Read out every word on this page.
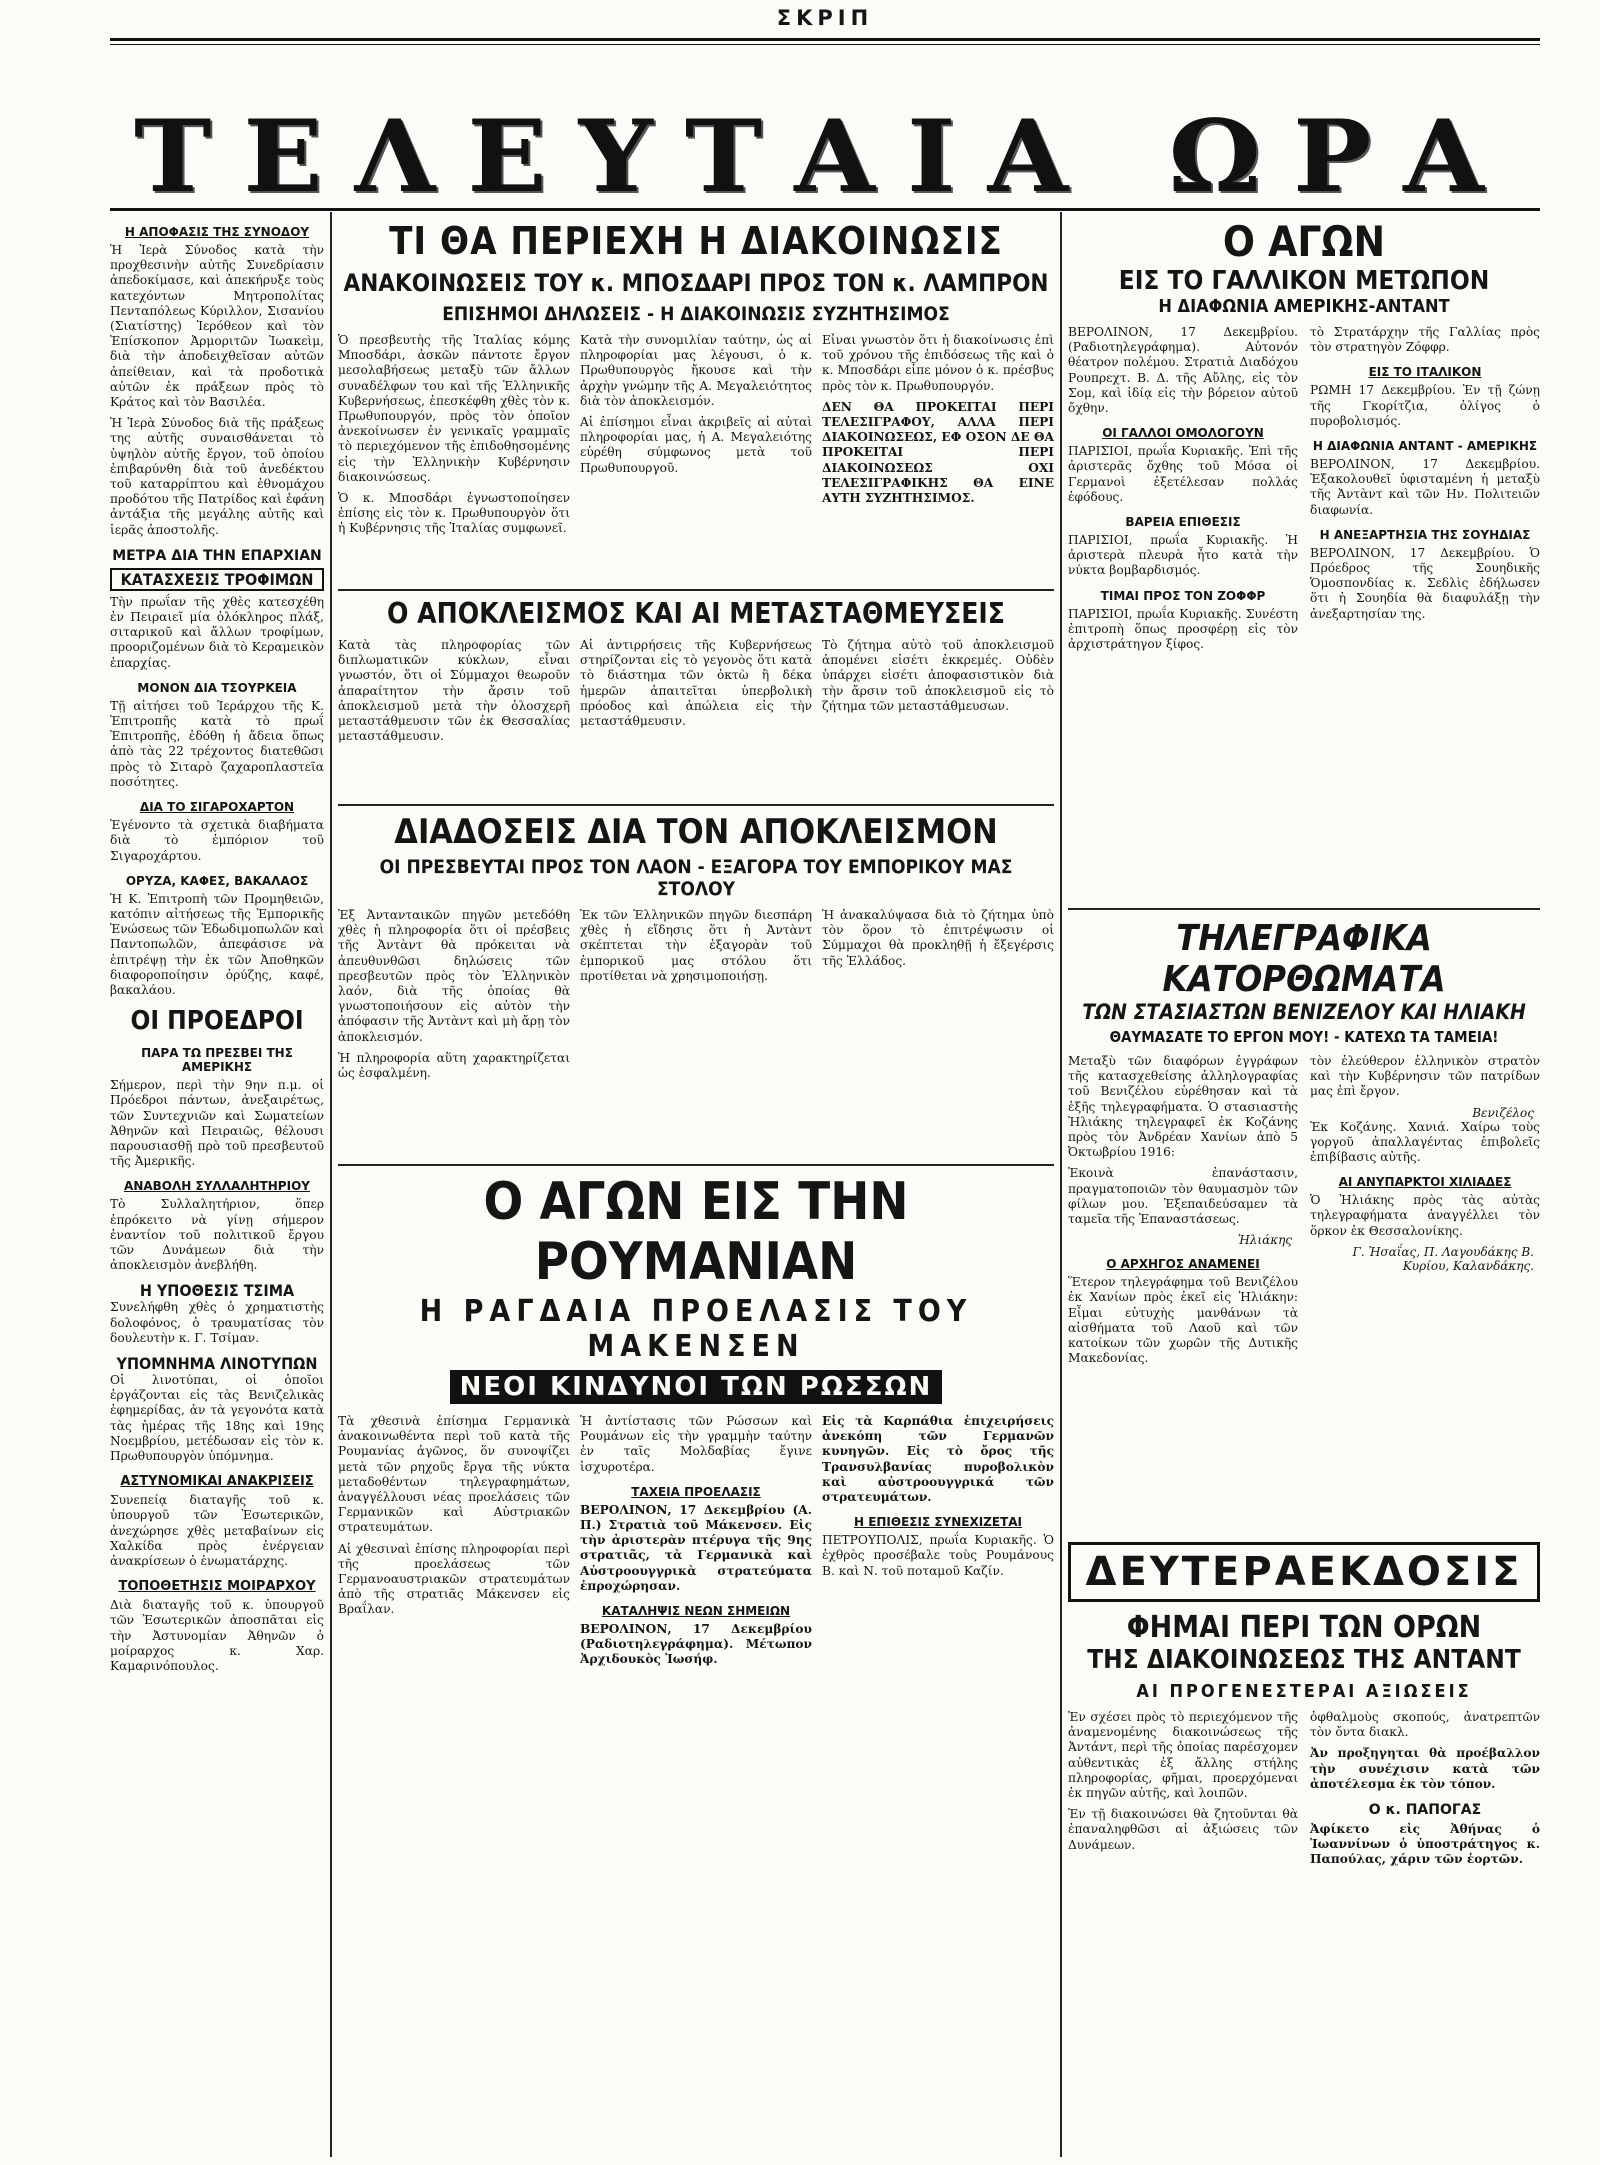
ΣΚΡΙΠ
ΤΕΛΕΥΤΑΙΑ ΩΡΑ

Η ΑΠΟΦΑΣΙΣ ΤΗΣ ΣΥΝΟΔΟΥ

Ἡ Ἱερὰ Σύνοδος κατὰ τὴν προχθεσινὴν αὐτῆς Συνεδρίασιν ἀπεδοκίμασε, καὶ ἀπεκήρυξε τοὺς κατεχόντων Μητροπολίτας Πενταπόλεως Κύριλλον, Σισανίου (Σιατίστης) Ἱερόθεον καὶ τὸν Ἐπίσκοπον Ἀρμοριτῶν Ἰωακεὶμ, διὰ τὴν ἀποδειχθεῖσαν αὐτῶν ἀπείθειαν, καὶ τὰ προδοτικὰ αὐτῶν ἐκ πράξεων πρὸς τὸ Κράτος καὶ τὸν Βασιλέα.

Ἡ Ἱερὰ Σύνοδος διὰ τῆς πράξεως της αὐτῆς συναισθάνεται τὸ ὑψηλὸν αὐτῆς ἔργον, τοῦ ὁποίου ἐπιβαρύνθη διὰ τοῦ ἀνεδέκτου τοῦ καταρρίπτου καὶ ἐθνομάχου προδότου τῆς Πατρίδος καὶ ἐφάνη ἀντάξια τῆς μεγάλης αὐτῆς καὶ ἱερᾶς ἀποστολῆς.

ΜΕΤΡΑ ΔΙΑ ΤΗΝ ΕΠΑΡΧΙΑΝ

ΚΑΤΑΣΧΕΣΙΣ ΤΡΟΦΙΜΩΝ

Τὴν πρωΐαν τῆς χθὲς κατεσχέθη ἐν Πειραιεῖ μία ὁλόκληρος πλάξ, σιταρικοῦ καὶ ἄλλων τροφίμων, προοριζομένων διὰ τὸ Κεραμεικὸν ἐπαρχίας.

ΜΟΝΟΝ ΔΙΑ ΤΣΟΥΡΚΕΙΑ

Τῇ αἰτήσει τοῦ Ἱεράρχου τῆς Κ. Ἐπιτροπῆς κατὰ τὸ πρωΐ Ἐπιτροπῆς, ἐδόθη ἡ ἄδεια ὅπως ἀπὸ τὰς 22 τρέχοντος διατεθῶσι πρὸς τὸ Σιταρὸ ζαχαροπλαστεῖα ποσότητες.

ΔΙΑ ΤΟ ΣΙΓΑΡΟΧΑΡΤΟΝ

Ἐγένοντο τὰ σχετικὰ διαβήματα διὰ τὸ ἐμπόριον τοῦ Σιγαροχάρτου.

ΟΡΥΖΑ, ΚΑΦΕΣ, ΒΑΚΑΛΑΟΣ

Ἡ Κ. Ἐπιτροπὴ τῶν Προμηθειῶν, κατόπιν αἰτήσεως τῆς Ἐμπορικῆς Ἑνώσεως τῶν Ἐδωδιμοπωλῶν καὶ Παντοπωλῶν, ἀπεφάσισε νὰ ἐπιτρέψῃ τὴν ἐκ τῶν Ἀποθηκῶν διαφοροποίησιν ὀρύζης, καφέ, βακαλάου.

ΟΙ ΠΡΟΕΔΡΟΙ

ΠΑΡΑ ΤΩ ΠΡΕΣΒΕΙ ΤΗΣ ΑΜΕΡΙΚΗΣ

Σήμερον, περὶ τὴν 9ην π.μ. οἱ Πρόεδροι πάντων, ἀνεξαιρέτως, τῶν Συντεχνιῶν καὶ Σωματείων Ἀθηνῶν καὶ Πειραιῶς, θέλουσι παρουσιασθῇ πρὸ τοῦ πρεσβευτοῦ τῆς Ἀμερικῆς.

ΑΝΑΒΟΛΗ ΣΥΛΛΑΛΗΤΗΡΙΟΥ

Τὸ Συλλαλητήριον, ὅπερ ἐπρόκειτο νὰ γίνῃ σήμερον ἐναντίον τοῦ πολιτικοῦ ἔργου τῶν Δυνάμεων διὰ τὴν ἀποκλεισμὸν ἀνεβλήθη.

Η ΥΠΟΘΕΣΙΣ ΤΣΙΜΑ

Συνελήφθη χθὲς ὁ χρηματιστὴς δολοφόνος, ὁ τραυματίσας τὸν δουλευτὴν κ. Γ. Τσίμαν.

ΥΠΟΜΝΗΜΑ ΛΙΝΟΤΥΠΩΝ

Οἱ λινοτύπαι, οἱ ὁποῖοι ἐργάζονται εἰς τὰς Βενιζελικὰς ἐφημερίδας, ἀν τὰ γεγονότα κατὰ τὰς ἡμέρας τῆς 18ης καὶ 19ης Νοεμβρίου, μετέδωσαν εἰς τὸν κ. Πρωθυπουργὸν ὑπόμνημα.

ΑΣΤΥΝΟΜΙΚΑΙ ΑΝΑΚΡΙΣΕΙΣ

Συνεπείᾳ διαταγῆς τοῦ κ. ὑπουργοῦ τῶν Ἐσωτερικῶν, ἀνεχώρησε χθὲς μεταβαίνων εἰς Χαλκίδα πρὸς ἐνέργειαν ἀνακρίσεων ὁ ἐνωματάρχης.

ΤΟΠΟΘΕΤΗΣΙΣ ΜΟΙΡΑΡΧΟΥ

Διὰ διαταγῆς τοῦ κ. ὑπουργοῦ τῶν Ἐσωτερικῶν ἀποσπᾶται εἰς τὴν Ἀστυνομίαν Ἀθηνῶν ὁ μοίραρχος κ. Χαρ. Καμαρινόπουλος.

ΤΙ ΘΑ ΠΕΡΙΕΧΗ Η ΔΙΑΚΟΙΝΩΣΙΣ

ΑΝΑΚΟΙΝΩΣΕΙΣ ΤΟΥ κ. ΜΠΟΣΔΑΡΙ ΠΡΟΣ ΤΟΝ κ. ΛΑΜΠΡΟΝ

ΕΠΙΣΗΜΟΙ ΔΗΛΩΣΕΙΣ - Η ΔΙΑΚΟΙΝΩΣΙΣ ΣΥΖΗΤΗΣΙΜΟΣ

Ὁ πρεσβευτὴς τῆς Ἰταλίας κόμης Μποσδάρι, ἀσκῶν πάντοτε ἔργον μεσολαβήσεως μεταξὺ τῶν ἄλλων συναδέλφων του καὶ τῆς Ἑλληνικῆς Κυβερνήσεως, ἐπεσκέφθη χθὲς τὸν κ. Πρωθυπουργόν, πρὸς τὸν ὁποῖον ἀνεκοίνωσεν ἐν γενικαῖς γραμμαῖς τὸ περιεχόμενον τῆς ἐπιδοθησομένης εἰς τὴν Ἑλληνικὴν Κυβέρνησιν διακοινώσεως.

Ὁ κ. Μποσδάρι ἐγνωστοποίησεν ἐπίσης εἰς τὸν κ. Πρωθυπουργὸν ὅτι ἡ Κυβέρνησις τῆς Ἰταλίας συμφωνεῖ.

Κατὰ τὴν συνομιλίαν ταύτην, ὡς αἱ πληροφορίαι μας λέγουσι, ὁ κ. Πρωθυπουργὸς ἤκουσε καὶ τὴν ἀρχὴν γνώμην τῆς Α. Μεγαλειότητος διὰ τὸν ἀποκλεισμόν.

Αἱ ἐπίσημοι εἶναι ἀκριβεῖς αἱ αὐταὶ πληροφορίαι μας, ἡ Α. Μεγαλειότης εὑρέθη σύμφωνος μετὰ τοῦ Πρωθυπουργοῦ.

Εἶναι γνωστὸν ὅτι ἡ διακοίνωσις ἐπὶ τοῦ χρόνου τῆς ἐπιδόσεως τῆς καὶ ὁ κ. Μποσδάρι εἶπε μόνον ὁ κ. πρέσβυς πρὸς τὸν κ. Πρωθυπουργόν.

ΔΕΝ ΘΑ ΠΡΟΚΕΙΤΑΙ ΠΕΡΙ ΤΕΛΕΣΙΓΡΑΦΟΥ, ΑΛΛΑ ΠΕΡΙ ΔΙΑΚΟΙΝΩΣΕΩΣ, ΕΦ ΟΣΟΝ ΔΕ ΘΑ ΠΡΟΚΕΙΤΑΙ ΠΕΡΙ ΔΙΑΚΟΙΝΩΣΕΩΣ ΟΧΙ ΤΕΛΕΣΙΓΡΑΦΙΚΗΣ ΘΑ ΕΙΝΕ ΑΥΤΗ ΣΥΖΗΤΗΣΙΜΟΣ.

Ο ΑΠΟΚΛΕΙΣΜΟΣ ΚΑΙ ΑΙ ΜΕΤΑΣΤΑΘΜΕΥΣΕΙΣ

Κατὰ τὰς πληροφορίας τῶν διπλωματικῶν κύκλων, εἶναι γνωστόν, ὅτι οἱ Σύμμαχοι θεωροῦν ἀπαραίτητον τὴν ἄρσιν τοῦ ἀποκλεισμοῦ μετὰ τὴν ὁλοσχερῆ μεταστάθμευσιν τῶν ἐκ Θεσσαλίας μεταστάθμευσιν.

Αἱ ἀντιρρήσεις τῆς Κυβερνήσεως στηρίζονται εἰς τὸ γεγονὸς ὅτι κατὰ τὸ διάστημα τῶν ὀκτὼ ἢ δέκα ἡμερῶν ἀπαιτεῖται ὑπερβολικὴ πρόοδος καὶ ἀπώλεια εἰς τὴν μεταστάθμευσιν.

Τὸ ζήτημα αὐτὸ τοῦ ἀποκλεισμοῦ ἀπομένει εἰσέτι ἐκκρεμές. Οὐδὲν ὑπάρχει εἰσέτι ἀποφασιστικὸν διὰ τὴν ἄρσιν τοῦ ἀποκλεισμοῦ εἰς τὸ ζήτημα τῶν μεταστάθμευσων.

ΔΙΑΔΟΣΕΙΣ ΔΙΑ ΤΟΝ ΑΠΟΚΛΕΙΣΜΟΝ

ΟΙ ΠΡΕΣΒΕΥΤΑΙ ΠΡΟΣ ΤΟΝ ΛΑΟΝ - ΕΞΑΓΟΡΑ ΤΟΥ ΕΜΠΟΡΙΚΟΥ ΜΑΣ ΣΤΟΛΟΥ

Ἐξ Ἀντανταικῶν πηγῶν μετεδόθη χθὲς ἡ πληροφορία ὅτι οἱ πρέσβεις τῆς Ἀντὰντ θὰ πρόκειται νὰ ἀπευθυνθῶσι δηλώσεις τῶν πρεσβευτῶν πρὸς τὸν Ἑλληνικὸν λαόν, διὰ τῆς ὁποίας θὰ γνωστοποιήσουν εἰς αὐτὸν τὴν ἀπόφασιν τῆς Ἀντὰντ καὶ μὴ ἄρῃ τὸν ἀποκλεισμόν.

Ἡ πληροφορία αὕτη χαρακτηρίζεται ὡς ἐσφαλμένη.

Ἐκ τῶν Ἑλληνικῶν πηγῶν διεσπάρη χθὲς ἡ εἴδησις ὅτι ἡ Ἀντὰντ σκέπτεται τὴν ἐξαγορὰν τοῦ ἐμπορικοῦ μας στόλου ὅτι προτίθεται νὰ χρησιμοποιήσῃ.

Ἡ ἀνακαλύψασα διὰ τὸ ζήτημα ὑπὸ τὸν ὅρον τὸ ἐπιτρέψωσιν οἱ Σύμμαχοι θὰ προκληθῇ ἡ ἔξεγέρσις τῆς Ἑλλάδος.

Ο ΑΓΩΝ ΕΙΣ ΤΗΝ ΡΟΥΜΑΝΙΑΝ

Η ΡΑΓΔΑΙΑ ΠΡΟΕΛΑΣΙΣ ΤΟΥ ΜΑΚΕΝΣΕΝ

ΝΕΟΙ ΚΙΝΔΥΝΟΙ ΤΩΝ ΡΩΣΣΩΝ

Τὰ χθεσινὰ ἐπίσημα Γερμανικὰ ἀνακοινωθέντα περὶ τοῦ κατὰ τῆς Ρουμανίας ἀγῶνος, ὅν συνοψίζει μετὰ τῶν ρηχοῦς ἔργα τῆς νύκτα μεταδοθέντων τηλεγραφημάτων, ἀναγγέλλουσι νέας προελάσεις τῶν Γερμανικῶν καὶ Αὐστριακῶν στρατευμάτων.

Αἱ χθεσιναὶ ἐπίσης πληροφορίαι περὶ τῆς προελάσεως τῶν Γερμανοαυστριακῶν στρατευμάτων ἀπὸ τῆς στρατιᾶς Μάκενσεν εἰς Βραΐλαν.

Ἡ ἀντίστασις τῶν Ρώσσων καὶ Ρουμάνων εἰς τὴν γραμμὴν ταύτην ἐν ταῖς Μολδαβίας ἔγινε ἰσχυροτέρα.

ΤΑΧΕΙΑ ΠΡΟΕΛΑΣΙΣ

ΒΕΡΟΛΙΝΟΝ, 17 Δεκεμβρίου (Α. Π.) Στρατιὰ τοῦ Μάκενσεν. Εἰς τὴν ἀριστερὰν πτέρυγα τῆς 9ης στρατιᾶς, τὰ Γερμανικὰ καὶ Αὐστροουγγρικὰ στρατεύματα ἐπροχώρησαν.

ΚΑΤΑΛΗΨΙΣ ΝΕΩΝ ΣΗΜΕΙΩΝ

ΒΕΡΟΛΙΝΟΝ, 17 Δεκεμβρίου (Ραδιοτηλεγράφημα). Μέτωπον Ἀρχιδουκὸς Ἰωσήφ.

Εἰς τὰ Καρπάθια ἐπιχειρήσεις ἀνεκόπη τῶν Γερμανῶν κυνηγῶν. Εἰς τὸ ὄρος τῆς Τρανσυλβανίας πυροβολικὸν καὶ αὐστροουγγρικά τῶν στρατευμάτων.

Η ΕΠΙΘΕΣΙΣ ΣΥΝΕΧΙΖΕΤΑΙ

ΠΕΤΡΟΥΠΟΛΙΣ, πρωΐα Κυριακῆς. Ὁ ἐχθρὸς προσέβαλε τοὺς Ρουμάνους Β. καὶ Ν. τοῦ ποταμοῦ Καζίν.

Ο ΑΓΩΝ

ΕΙΣ ΤΟ ΓΑΛΛΙΚΟΝ ΜΕΤΩΠΟΝ

Η ΔΙΑΦΩΝΙΑ ΑΜΕΡΙΚΗΣ-ΑΝΤΑΝΤ

ΒΕΡΟΛΙΝΟΝ, 17 Δεκεμβρίου. (Ραδιοτηλεγράφημα). Αὐτονόν θέατρον πολέμου. Στρατιὰ Διαδόχου Ρουπρεχτ. Β. Δ. τῆς Αὔλης, εἰς τὸν Σομ, καὶ ἰδίᾳ εἰς τὴν βόρειον αὐτοῦ ὄχθην.

ΟΙ ΓΑΛΛΟΙ ΟΜΟΛΟΓΟΥΝ

ΠΑΡΙΣΙΟΙ, πρωΐα Κυριακῆς. Ἐπὶ τῆς ἀριστερᾶς ὄχθης τοῦ Μόσα οἱ Γερμανοὶ ἐξετέλεσαν πολλάς ἐφόδους.

ΒΑΡΕΙΑ ΕΠΙΘΕΣΙΣ

ΠΑΡΙΣΙΟΙ, πρωΐα Κυριακῆς. Ἡ ἀριστερὰ πλευρὰ ἦτο κατὰ τὴν νύκτα βομβαρδισμός.

ΤΙΜΑΙ ΠΡΟΣ ΤΟΝ ΖΟΦΦΡ

ΠΑΡΙΣΙΟΙ, πρωΐα Κυριακῆς. Συνέστη ἐπιτροπὴ ὅπως προσφέρῃ εἰς τὸν ἀρχιστράτηγον ξίφος.

τὸ Στρατάρχην τῆς Γαλλίας πρὸς τὸν στρατηγὸν Ζόφφρ.

ΕΙΣ ΤΟ ΙΤΑΛΙΚΟΝ

ΡΩΜΗ 17 Δεκεμβρίου. Ἐν τῇ ζώνῃ τῆς Γκορίτζια, ὀλίγος ὁ πυροβολισμός.

Η ΔΙΑΦΩΝΙΑ ΑΝΤΑΝΤ - ΑΜΕΡΙΚΗΣ

ΒΕΡΟΛΙΝΟΝ, 17 Δεκεμβρίου. Ἐξακολουθεῖ ὑφισταμένη ἡ μεταξὺ τῆς Ἀντὰντ καὶ τῶν Ην. Πολιτειῶν διαφωνία.

Η ΑΝΕΞΑΡΤΗΣΙΑ ΤΗΣ ΣΟΥΗΔΙΑΣ

ΒΕΡΟΛΙΝΟΝ, 17 Δεκεμβρίου. Ὁ Πρόεδρος τῆς Σουηδικῆς Ὁμοσπονδίας κ. Σεδλὶς ἐδήλωσεν ὅτι ἡ Σουηδία θὰ διαφυλάξῃ τὴν ἀνεξαρτησίαν της.

ΤΗΛΕΓΡΑΦΙΚΑ ΚΑΤΟΡΘΩΜΑΤΑ

ΤΩΝ ΣΤΑΣΙΑΣΤΩΝ ΒΕΝΙΖΕΛΟΥ ΚΑΙ ΗΛΙΑΚΗ

ΘΑΥΜΑΣΑΤΕ ΤΟ ΕΡΓΟΝ ΜΟΥ! - ΚΑΤΕΧΩ ΤΑ ΤΑΜΕΙΑ!

Μεταξὺ τῶν διαφόρων ἐγγράφων τῆς κατασχεθείσης ἀλληλογραφίας τοῦ Βενιζέλου εὑρέθησαν καὶ τὰ ἑξῆς τηλεγραφήματα. Ὁ στασιαστὴς Ἠλιάκης τηλεγραφεῖ ἐκ Κοζάνης πρὸς τὸν Ἀνδρέαν Χανίων ἀπὸ 5 Ὀκτωβρίου 1916:

Ἐκοινὰ ἐπανάστασιν, πραγματοποιῶν τὸν θαυμασμὸν τῶν φίλων μου. Ἐξεπαιδεύσαμεν τὰ ταμεῖα τῆς Ἐπαναστάσεως.

Ἡλιάκης

Ο ΑΡΧΗΓΟΣ ΑΝΑΜΕΝΕΙ

Ἕτερον τηλεγράφημα τοῦ Βενιζέλου ἐκ Χανίων πρὸς ἐκεῖ εἰς Ἠλιάκην: Εἶμαι εὐτυχὴς μανθάνων τὰ αἰσθήματα τοῦ Λαοῦ καὶ τῶν κατοίκων τῶν χωρῶν τῆς Δυτικῆς Μακεδονίας.

τὸν ἐλεύθερον ἑλληνικὸν στρατὸν καὶ τὴν Κυβέρνησιν τῶν πατρίδων μας ἐπὶ ἔργον.

Βενιζέλος

Ἐκ Κοζάνης. Χανιά. Χαίρω τοὺς γοργοῦ ἀπαλλαγέντας ἐπιβολεῖς ἐπιβίβασις αὐτῆς.

ΑΙ ΑΝΥΠΑΡΚΤΟΙ ΧΙΛΙΑΔΕΣ

Ὁ Ἠλιάκης πρὸς τὰς αὐτὰς τηλεγραφήματα ἀναγγέλλει τὸν ὅρκον ἐκ Θεσσαλονίκης.

Γ. Ἠσαΐας, Π. Λαγουδάκης Β. Κυρίου, Καλανδάκης.

ΔΕΥΤΕΡΑΕΚΔΟΣΙΣ

ΦΗΜΑΙ ΠΕΡΙ ΤΩΝ ΟΡΩΝ

ΤΗΣ ΔΙΑΚΟΙΝΩΣΕΩΣ ΤΗΣ ΑΝΤΑΝΤ

ΑΙ ΠΡΟΓΕΝΕΣΤΕΡΑΙ ΑΞΙΩΣΕΙΣ

Ἐν σχέσει πρὸς τὸ περιεχόμενον τῆς ἀναμενομένης διακοινώσεως τῆς Ἀντάντ, περὶ τῆς ὁποίας παρέσχομεν αὐθεντικὰς ἐξ ἄλλης στήλης πληροφορίας, φῆμαι, προερχόμεναι ἐκ πηγῶν αὐτῆς, καὶ λοιπῶν.

Ἐν τῇ διακοινώσει θὰ ζητοῦνται θὰ ἐπαναληφθῶσι αἱ ἀξιώσεις τῶν Δυνάμεων.

ὀφθαλμοὺς σκοπούς, ἀνατρεπτῶν τὸν ὄντα διακλ.

Ἀν προξηγηται θὰ προέβαλλον τὴν συνέχισιν κατὰ τῶν ἀποτέλεσμα ἐκ τὸν τόπον.

Ο κ. ΠΑΠΟΓΑΣ

Ἀφίκετο εἰς Ἀθήνας ὁ Ἰωαννίνων ὁ ὑποστράτηγος κ. Παπούλας, χάριν τῶν ἑορτῶν.
